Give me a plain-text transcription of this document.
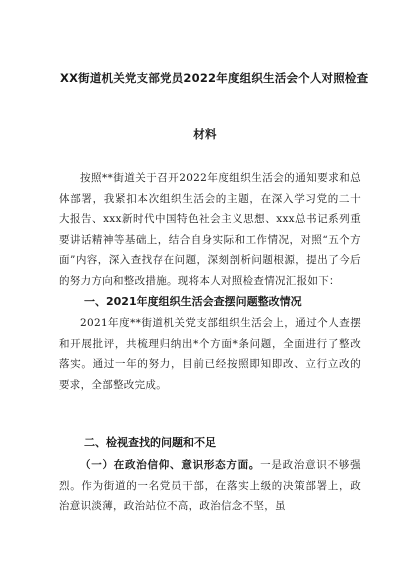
XX街道机关党支部党员2022年度组织生活会个人对照检查
材料
按照**街道关于召开2022年度组织生活会的通知要求和总体部署，我紧扣本次组织生活会的主题，在深入学习党的二十大报告、xxx新时代中国特色社会主义思想、xxx总书记系列重要讲话精神等基础上，结合自身实际和工作情况，对照“五个方面”内容，深入查找存在问题，深刻剖析问题根源，提出了今后的努力方向和整改措施。现将本人对照检查情况汇报如下：
一、2021年度组织生活会查摆问题整改情况
2021年度**街道机关党支部组织生活会上，通过个人查摆和开展批评，共梳理归纳出*个方面*条问题，全面进行了整改落实。通过一年的努力，目前已经按照即知即改、立行立改的要求，全部整改完成。
二、检视查找的问题和不足
（一）在政治信仰、意识形态方面。一是政治意识不够强烈。作为街道的一名党员干部，在落实上级的决策部署上，政治意识淡薄，政治站位不高，政治信念不坚，虽
